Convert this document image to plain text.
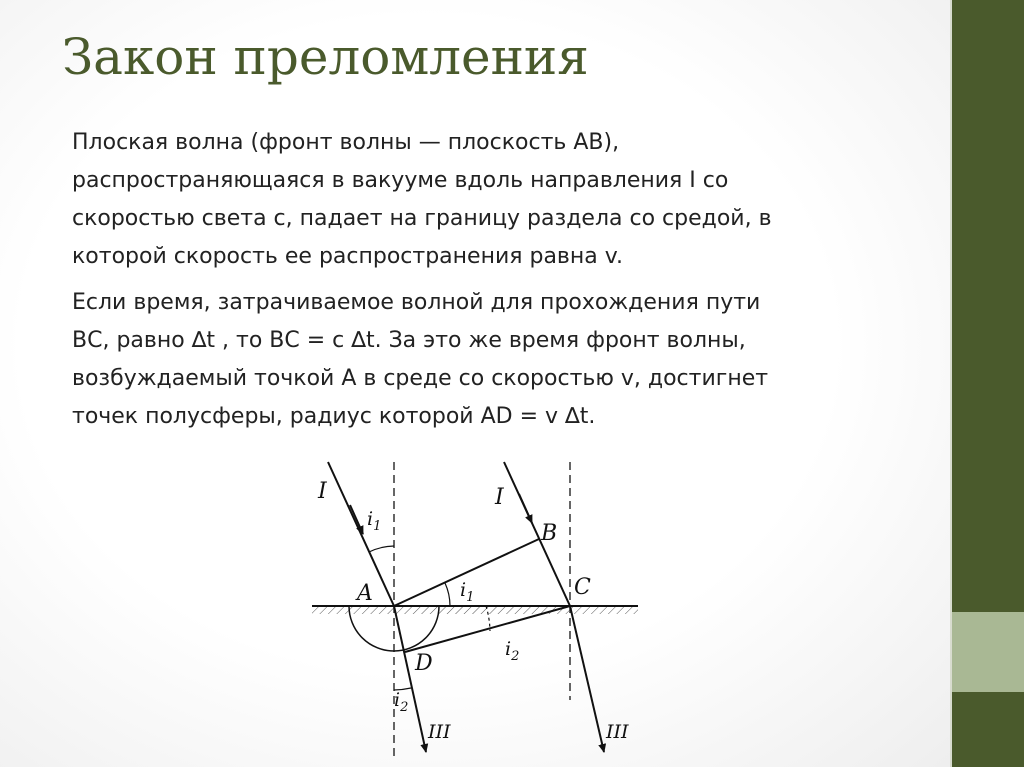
Закон преломления

Плоская волна (фронт волны — плоскость АВ),

распространяющаяся в вакууме вдоль направления I со

скоростью света с, падает на границу раздела со средой, в

которой скорость ее распространения равна v.

Если время, затрачиваемое волной для прохождения пути

ВС, равно ∆t , то ВС = с ∆t. За это же время фронт волны,

возбуждаемый точкой А в среде со скоростью v, достигнет

точек полусферы, радиус которой AD = v ∆t.

I	I
III	III
A
B
C
D
$i_1$
$i_1$
$i_2$
$i_2$
